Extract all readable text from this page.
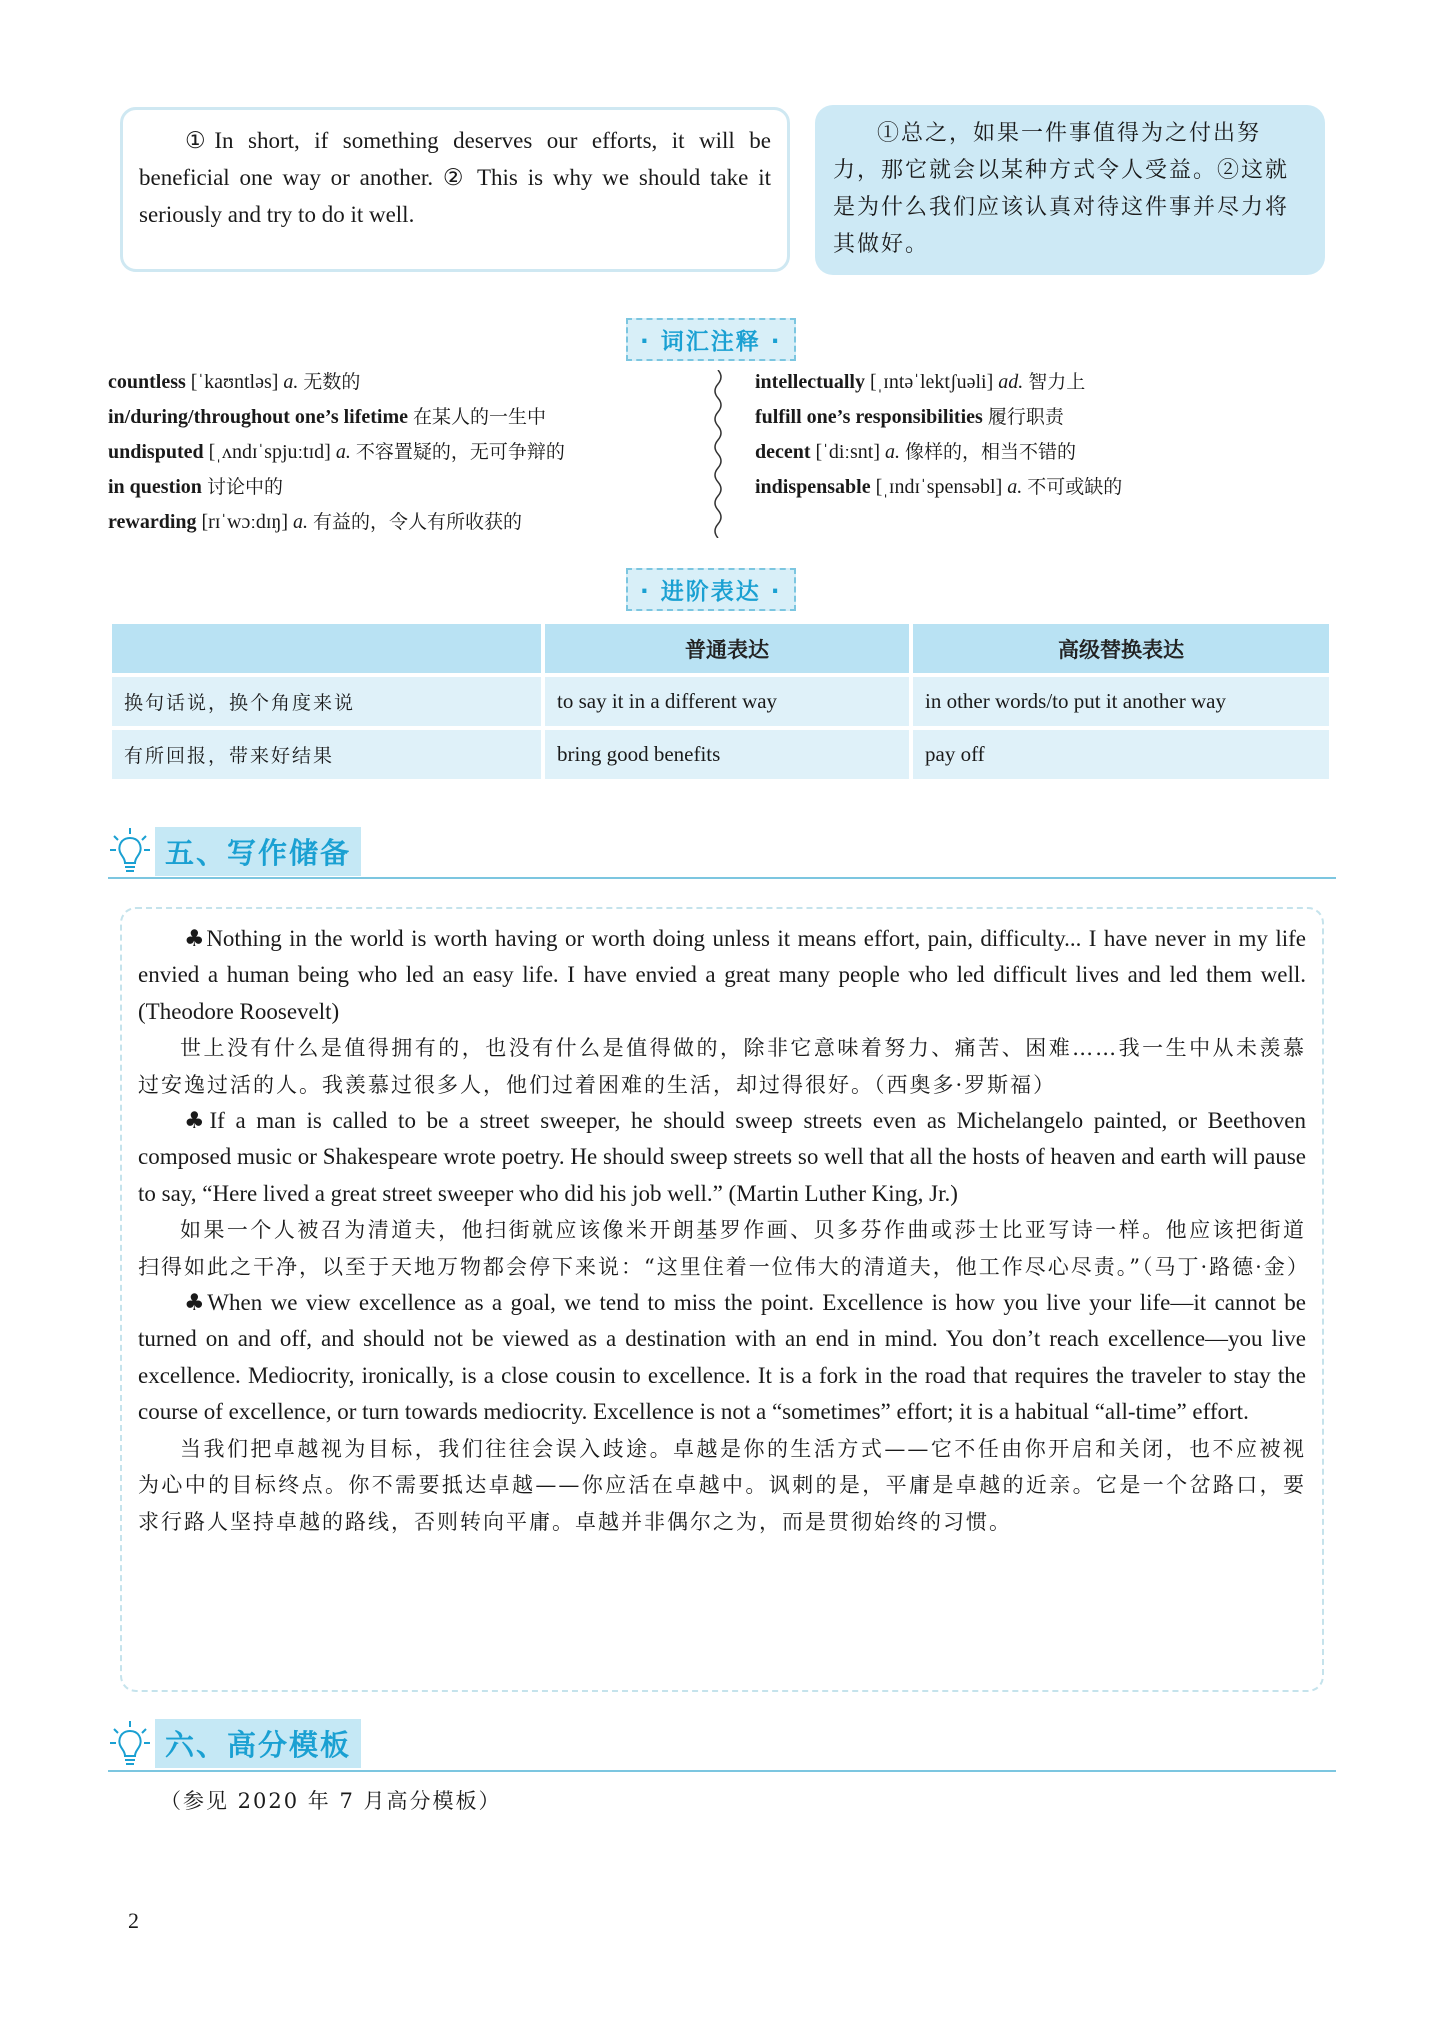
①In short, if something deserves our efforts, it will be beneficial one way or another. ② This is why we should take it seriously and try to do it well.

①总之，如果一件事值得为之付出努力，那它就会以某种方式令人受益。②这就是为什么我们应该认真对待这件事并尽力将其做好。

· 词汇注释 ·
countless [ˈkaʊntləs] a. 无数的
in/during/throughout one’s lifetime 在某人的一生中
undisputed [ˌʌndɪˈspjuːtɪd] a. 不容置疑的，无可争辩的
in question 讨论中的
rewarding [rɪˈwɔːdɪŋ] a. 有益的，令人有所收获的
intellectually [ˌɪntəˈlektʃuəli] ad. 智力上
fulfill one’s responsibilities 履行职责
decent [ˈdiːsnt] a. 像样的，相当不错的
indispensable [ˌɪndɪˈspensəbl] a. 不可或缺的
· 进阶表达 ·
	普通表达	高级替换表达
换句话说，换个角度来说	to say it in a different way	in other words/to put it another way
有所回报，带来好结果	bring good benefits	pay off
五、写作储备

♣Nothing in the world is worth having or worth doing unless it means effort, pain, difficulty... I have never in my life envied a human being who led an easy life. I have envied a great many people who led difficult lives and led them well. (Theodore Roosevelt)

世上没有什么是值得拥有的，也没有什么是值得做的，除非它意味着努力、痛苦、困难……我一生中从未羡慕过安逸过活的人。我羡慕过很多人，他们过着困难的生活，却过得很好。（西奥多·罗斯福）

♣If a man is called to be a street sweeper, he should sweep streets even as Michelangelo painted, or Beethoven composed music or Shakespeare wrote poetry. He should sweep streets so well that all the hosts of heaven and earth will pause to say, “Here lived a great street sweeper who did his job well.” (Martin Luther King, Jr.)

如果一个人被召为清道夫，他扫街就应该像米开朗基罗作画、贝多芬作曲或莎士比亚写诗一样。他应该把街道扫得如此之干净，以至于天地万物都会停下来说：“这里住着一位伟大的清道夫，他工作尽心尽责。”（马丁·路德·金）

♣When we view excellence as a goal, we tend to miss the point. Excellence is how you live your life—it cannot be turned on and off, and should not be viewed as a destination with an end in mind. You don’t reach excellence—you live excellence. Mediocrity, ironically, is a close cousin to excellence. It is a fork in the road that requires the traveler to stay the course of excellence, or turn towards mediocrity. Excellence is not a “sometimes” effort; it is a habitual “all-time” effort.

当我们把卓越视为目标，我们往往会误入歧途。卓越是你的生活方式——它不任由你开启和关闭，也不应被视为心中的目标终点。你不需要抵达卓越——你应活在卓越中。讽刺的是，平庸是卓越的近亲。它是一个岔路口，要求行路人坚持卓越的路线，否则转向平庸。卓越并非偶尔之为，而是贯彻始终的习惯。

六、高分模板
（参见 2020 年 7 月高分模板）
2
